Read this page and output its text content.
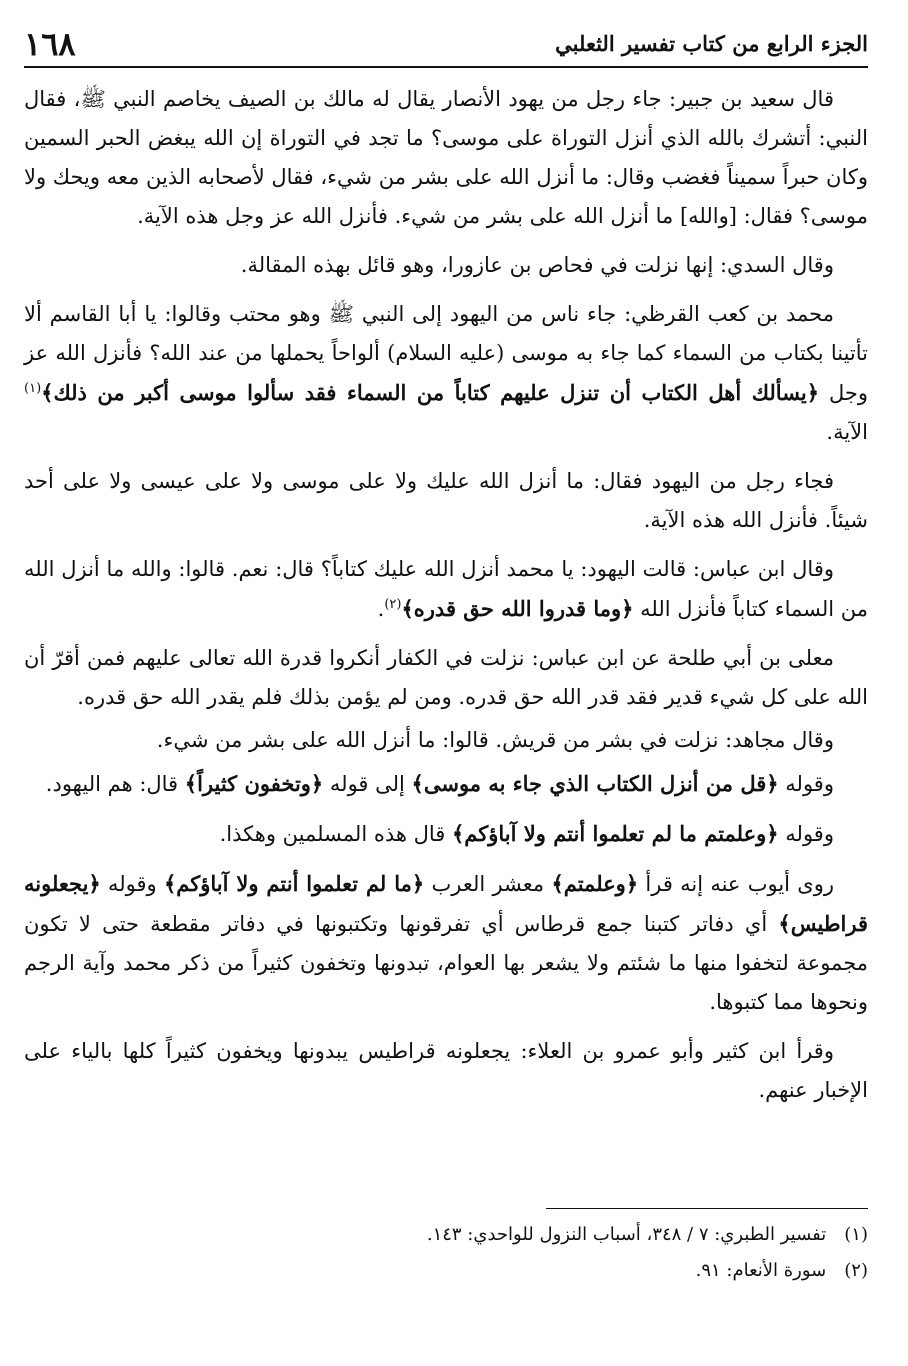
الجزء الرابع من كتاب تفسير الثعلبي
١٦٨

قال سعيد بن جبير: جاء رجل من يهود الأنصار يقال له مالك بن الصيف يخاصم النبي ﷺ، فقال النبي: أتشرك بالله الذي أنزل التوراة على موسى؟ ما تجد في التوراة إن الله يبغض الحبر السمين وكان حبراً سميناً فغضب وقال: ما أنزل الله على بشر من شيء، فقال لأصحابه الذين معه ويحك ولا موسى؟ فقال: [والله] ما أنزل الله على بشر من شيء. فأنزل الله عز وجل هذه الآية.

وقال السدي: إنها نزلت في فحاص بن عازورا، وهو قائل بهذه المقالة.

محمد بن كعب القرظي: جاء ناس من اليهود إلى النبي ﷺ وهو محتب وقالوا: يا أبا القاسم ألا تأتينا بكتاب من السماء كما جاء به موسى (عليه السلام) ألواحاً يحملها من عند الله؟ فأنزل الله عز وجل ﴿يسألك أهل الكتاب أن تنزل عليهم كتاباً من السماء فقد سألوا موسى أكبر من ذلك﴾$^{(١)}$ الآية.

فجاء رجل من اليهود فقال: ما أنزل الله عليك ولا على موسى ولا على عيسى ولا على أحد شيئاً. فأنزل الله هذه الآية.

وقال ابن عباس: قالت اليهود: يا محمد أنزل الله عليك كتاباً؟ قال: نعم. قالوا: والله ما أنزل الله من السماء كتاباً فأنزل الله ﴿وما قدروا الله حق قدره﴾$^{(٢)}$.

معلى بن أبي طلحة عن ابن عباس: نزلت في الكفار أنكروا قدرة الله تعالى عليهم فمن أقرّ أن الله على كل شيء قدير فقد قدر الله حق قدره. ومن لم يؤمن بذلك فلم يقدر الله حق قدره.

وقال مجاهد: نزلت في بشر من قريش. قالوا: ما أنزل الله على بشر من شيء.

وقوله ﴿قل من أنزل الكتاب الذي جاء به موسى﴾ إلى قوله ﴿وتخفون كثيراً﴾ قال: هم اليهود.

وقوله ﴿وعلمتم ما لم تعلموا أنتم ولا آباؤكم﴾ قال هذه المسلمين وهكذا.

روى أيوب عنه إنه قرأ ﴿وعلمتم﴾ معشر العرب ﴿ما لم تعلموا أنتم ولا آباؤكم﴾ وقوله ﴿يجعلونه قراطيس﴾ أي دفاتر كتبنا جمع قرطاس أي تفرقونها وتكتبونها في دفاتر مقطعة حتى لا تكون مجموعة لتخفوا منها ما شئتم ولا يشعر بها العوام، تبدونها وتخفون كثيراً من ذكر محمد وآية الرجم ونحوها مما كتبوها.

وقرأ ابن كثير وأبو عمرو بن العلاء: يجعلونه قراطيس يبدونها ويخفون كثيراً كلها بالياء على الإخبار عنهم.

(١)تفسير الطبري: ٧ / ٣٤٨، أسباب النزول للواحدي: ١٤٣.

(٢)سورة الأنعام: ٩١.
